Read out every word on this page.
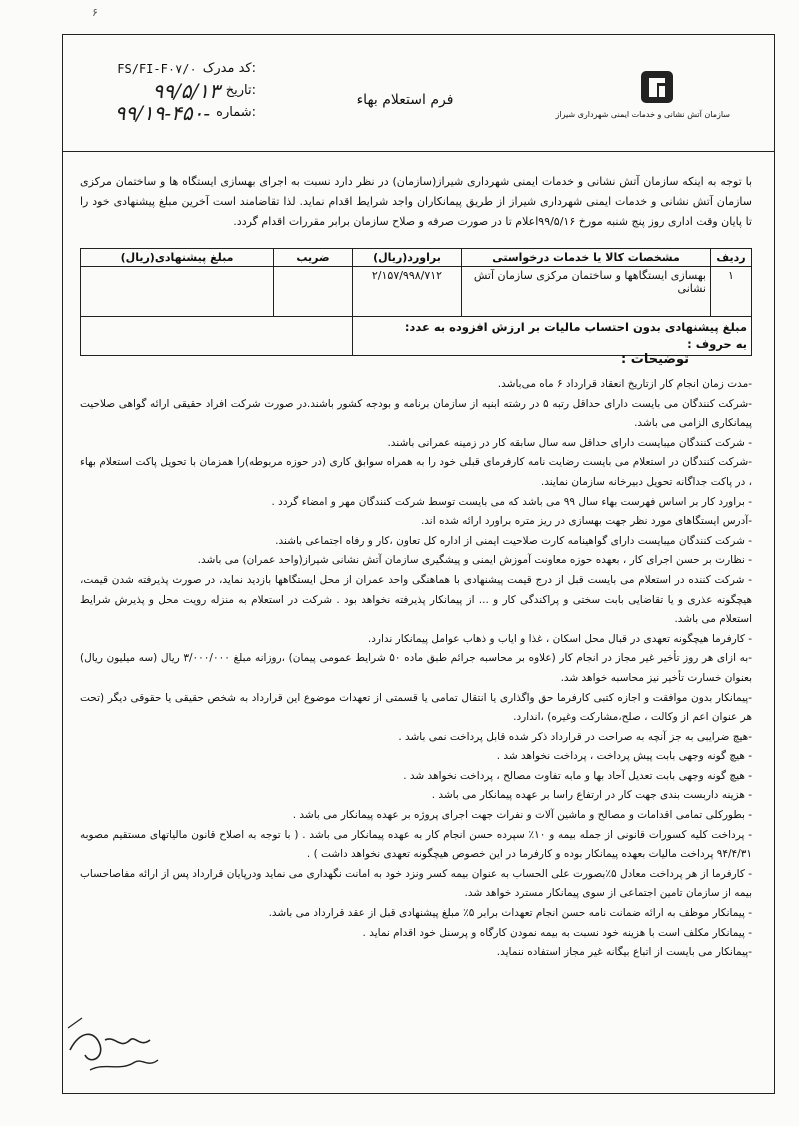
۶
FS/FI-F۰۷/۰ کد مدرک:
۹۹/۵/۱۳ تاریخ:
۹۹/۱۹-۴۵۰- شماره:
فرم استعلام بهاء
سازمان آتش نشانی و خدمات ایمنی شهرداری شیراز
با توجه به اینکه سازمان آتش نشانی و خدمات ایمنی شهرداری شیراز(سازمان) در نظر دارد نسبت به اجرای بهسازی ایستگاه ها و ساختمان مرکزی سازمان آتش نشانی و خدمات ایمنی شهرداری شیراز از طریق پیمانکاران واجد شرایط اقدام نماید. لذا تقاضامند است آخرین مبلغ پیشنهادی خود را تا پایان وقت اداری روز پنج شنبه مورخ ۹۹/۵/۱۶اعلام تا در صورت صرفه و صلاح سازمان برابر مقررات اقدام گردد.
ردیف	مشخصات کالا یا خدمات درخواستی	براورد(ریال)	ضریب	مبلغ پیشنهادی(ریال)
۱	بهسازی ایستگاهها و ساختمان مرکزی سازمان آتش نشانی	۲/۱۵۷/۹۹۸/۷۱۲		

مبلغ پیشنهادی بدون احتساب مالیات بر ارزش افزوده به عدد:
به حروف :				

توضیحات :

-مدت زمان انجام کار ازتاریخ انعقاد قرارداد ۶ ماه می‌باشد.

-شرکت کنندگان می بایست دارای حداقل رتبه ۵ در رشته ابنیه از سازمان برنامه و بودجه کشور باشند.در صورت شرکت افراد حقیقی ارائه گواهی صلاحیت پیمانکاری الزامی می باشد.

- شرکت کنندگان میبایست دارای حداقل سه سال سابقه کار در زمینه عمرانی باشند.

-شرکت کنندگان در استعلام می بایست رضایت نامه کارفرمای قبلی خود را به همراه سوابق کاری (در حوزه مربوطه)را همزمان با تحویل پاکت استعلام بهاء ، در پاکت جداگانه تحویل دبیرخانه سازمان نمایند.

- براورد کار بر اساس فهرست بهاء سال ۹۹ می باشد که می بایست توسط شرکت کنندگان مهر و امضاء گردد .

-آدرس ایستگاهای مورد نظر جهت بهسازی در ریز متره براورد ارائه شده اند.

- شرکت کنندگان میبایست دارای گواهینامه کارت صلاحیت ایمنی از اداره کل تعاون ،کار و رفاه اجتماعی باشند.

- نظارت بر حسن اجرای کار ، بعهده حوزه معاونت آموزش ایمنی و پیشگیری سازمان آتش نشانی شیراز(واحد عمران) می باشد.

- شرکت کننده در استعلام می بایست قبل از درج قیمت پیشنهادی با هماهنگی واحد عمران از محل ایستگاهها بازدید نماید، در صورت پذیرفته شدن قیمت، هیچگونه عذری و یا تقاضایی بابت سختی و پراکندگی کار و ... از پیمانکار پذیرفته نخواهد بود . شرکت در استعلام به منزله رویت محل و پذیرش شرایط استعلام می باشد.

- کارفرما هیچگونه تعهدی در قبال محل اسکان ، غذا و ایاب و ذهاب عوامل پیمانکار ندارد.

-به ازای هر روز تأخیر غیر مجاز در انجام کار (علاوه بر محاسبه جرائم طبق ماده ۵۰ شرایط عمومی پیمان) ،روزانه مبلغ ۳/۰۰۰/۰۰۰ ریال (سه میلیون ریال) بعنوان خسارت تأخیر نیز محاسبه خواهد شد.

-پیمانکار بدون موافقت و اجازه کتبی کارفرما حق واگذاری یا انتقال تمامی یا قسمتی از تعهدات موضوع این قرارداد به شخص حقیقی یا حقوقی دیگر (تحت هر عنوان اعم از وکالت ، صلح،مشارکت وغیره) ،اندارد.

-هیچ ضرایبی به جز آنچه به صراحت در قرارداد ذکر شده قابل پرداخت نمی باشد .

- هیچ گونه وجهی بابت پیش پرداخت ، پرداخت نخواهد شد .

- هیچ گونه وجهی بابت تعدیل آحاد بها و مابه تفاوت مصالح ، پرداخت نخواهد شد .

- هزینه داربست بندی جهت کار در ارتفاع راسا بر عهده پیمانکار می باشد .

- بطورکلی تمامی اقدامات و مصالح و ماشین آلات و نفرات جهت اجرای پروژه بر عهده پیمانکار می باشد .

- پرداخت کلیه کسورات قانونی از جمله بیمه و ۱۰٪ سپرده حسن انجام کار به عهده پیمانکار می باشد . ( با توجه به اصلاح قانون مالیاتهای مستقیم مصوبه ۹۴/۴/۳۱ پرداخت مالیات بعهده پیمانکار بوده و کارفرما در این خصوص هیچگونه تعهدی نخواهد داشت ) .

- کارفرما از هر پرداخت معادل ۵٪بصورت علی الحساب به عنوان بیمه کسر ونزد خود به امانت نگهداری می نماید ودرپایان قرارداد پس از ارائه مفاصاحساب بیمه از سازمان تامین اجتماعی از سوی پیمانکار مسترد خواهد شد.

- پیمانکار موظف به ارائه ضمانت نامه حسن انجام تعهدات برابر ۵٪ مبلغ پیشنهادی قبل از عقد قرارداد می باشد.

- پیمانکار مکلف است با هزینه خود نسبت به بیمه نمودن کارگاه و پرسنل خود اقدام نماید .

-پیمانکار می بایست از اتباع بیگانه غیر مجاز استفاده ننماید.
